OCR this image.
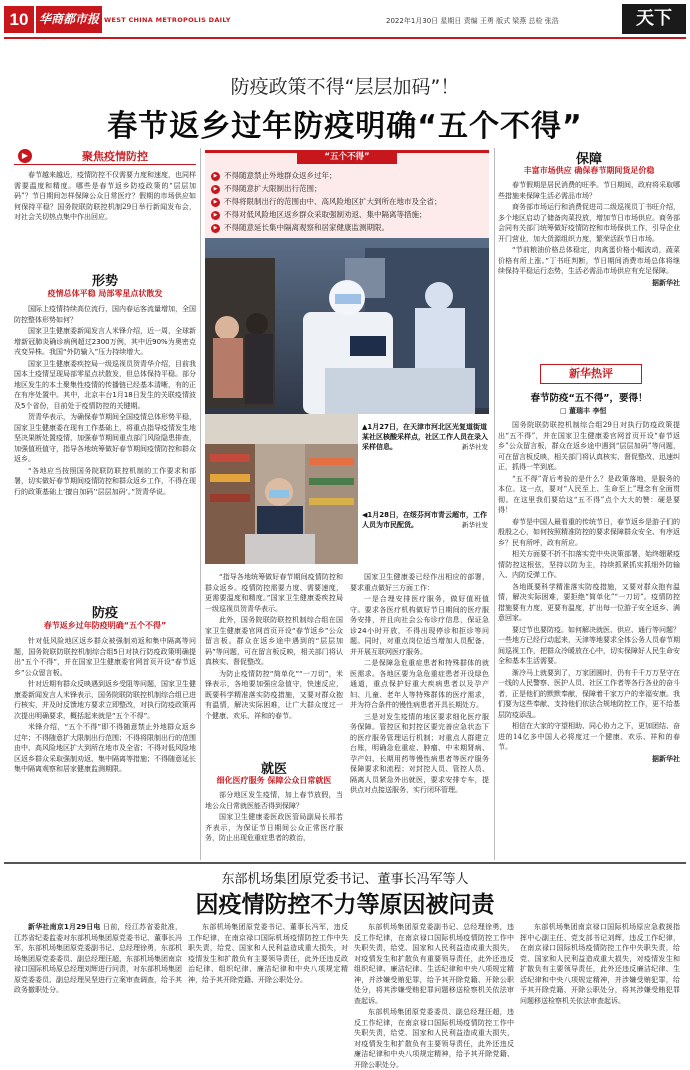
10 华商都市报 WEST CHINA METROPOLIS DAILY	2022年1月30日 星期日 责编 王勇 版式 梁燕 总检 张浩	天下
防疫政策不得“层层加码”！
春节返乡过年防疫明确“五个不得”
▶	聚焦疫情防控

春节越来越近，疫情防控不仅需要力度和速度，也同样需要温度和精度。哪些是春节返乡防疫政策的“层层加码”？节日期间怎样保障公众日常医疗？假期的市场供应如何保持平稳？国务院联防联控机制29日举行新闻发布会，对社会关切热点集中作出回应。

形势
疫情总体平稳 局部零星点状散发

国际上疫情持续高位流行，国内春运客流量增加，全国防控整体形势如何？

国家卫生健康委新闻发言人米锋介绍，近一周，全球新增新冠肺炎确诊病例超过2300万例，其中近90%为奥密克戎变异株。我国“外防输入”压力持续增大。

国家卫生健康委疾控局一级巡视员贺青华介绍，目前我国本土疫情呈现局部零星点状散发，但总体保持平稳。部分地区发生的本土聚集性疫情的传播链已经基本清晰，有的正在有序处置中。其中，北京丰台1月18日发生的关联疫情波及5个省份，目前处于疫情防控的关键期。

贺青华表示，为确保春节期间全国疫情总体形势平稳，国家卫生健康委在现有工作基础上，将重点指导疫情发生地坚决果断处置疫情，加强春节期间重点部门风险隐患排查，加强值班值守，指导各地统筹做好春节期间疫情防控和群众返乡。

“各地应当按照国务院联防联控机制的工作要求和部署，切实做好春节期间疫情防控和群众返乡工作，不得在现行的政策基础上‘擅自加码’‘层层加码’。”贺青华说。

防疫
春节返乡过年防疫明确“五个不得”

针对低风险地区返乡群众被强制劝返和集中隔离等问题，国务院联防联控机制综合组5日对执行防疫政策明确提出“五个不得”，并在国家卫生健康委官网首页开设“春节返乡”公众留言板。

针对近期有群众反映遇到返乡受阻等问题，国家卫生健康委新闻发言人米锋表示，国务院联防联控机制综合组已进行核实，并及时反馈地方要求立即整改，对执行防疫政策再次提出明确要求，概括起来就是“五个不得”。

米锋介绍，“五个不得”即不得随意禁止外地群众返乡过年；不得随意扩大限制出行范围；不得将限制出行的范围由中、高风险地区扩大到所在地市及全省；不得对低风险地区返乡群众采取强制劝返、集中隔离等措施；不得随意延长集中隔离观察和居家健康监测期限。

“五个不得”
▶ 不得随意禁止外地群众返乡过年；
▶ 不得随意扩大限制出行范围；
▶ 不得将限制出行的范围由中、高风险地区扩大到所在地市及全省；
▶ 不得对低风险地区返乡群众采取强制劝返、集中隔离等措施；
▶ 不得随意延长集中隔离观察和居家健康监测期限。
▲1月27日，在天津市河北区光复道街道某社区核酸采样点，社区工作人员在录入采样信息。	新华社发
◀1月28日，在绥芬河市青云超市，工作人员为市民配货。	新华社发

“指导各地统筹做好春节期间疫情防控和群众返乡。疫情防控需要力度、需要速度，更需要温度和精度。”国家卫生健康委疾控局一级巡视员贺青华表示。

此外，国务院联防联控机制综合组在国家卫生健康委官网首页开设“春节返乡”公众留言板。群众在返乡途中遇到的“层层加码”等问题，可在留言板反映，相关部门将认真核实、督促整改。

为防止疫情防控“简单化”“一刀切”，米锋表示，各地要加强应急值守，快速反应，既要科学精准落实防疫措施，又要对群众抱有温情，解决实际困难，让广大群众度过一个健康、欢乐、祥和的春节。

就医
细化医疗服务 保障公众日常就医

部分地区发生疫情，加上春节放假，当地公众日常就医能否得到保障？

国家卫生健康委医政医管局副局长邢若齐表示，为保证节日期间公众正常医疗服务，防止出现危重症患者的救治，

国家卫生健康委已经作出相应的部署，要求重点做好三方面工作：

一是合理安排医疗服务，做好值班值守。要求各医疗机构做好节日期间的医疗服务安排，并且向社会公布诊疗信息，保证急诊24小时开放，不得出现停诊和拒诊等问题。同时，对重点岗位适当增加人员配备，并开展互联网医疗服务。

二是保障急危重症患者和特殊群体的就医需求。各地区要为急危重症患者开设绿色通道，重点保护好重大疾病患者以及孕产妇、儿童、老年人等特殊群体的医疗需求，并为符合条件的慢性病患者开具长期处方。

三是对发生疫情的地区要求细化医疗服务保障。管控区和封控区要完善应急状态下的医疗服务管理运行机制；对重点人群建立台账，明确急危重症、肿瘤、中末期肾病、孕产妇、长期用药等慢性病患者等医疗服务保障要求和流程；对封控人员、管控人员、隔离人员紧急外出就医，要求安排专车，提供点对点接送服务，实行闭环管理。

保障
丰富市场供应 确保春节期间货足价稳

春节假期是居民消费的旺季。节日期间，政府将采取哪些措施来保障生活必需品市场？

商务部市场运行和消费促进司二级巡视员丁书旺介绍，多个地区启动了储备肉菜投放，增加节日市场供应。商务部会同有关部门统筹做好疫情防控和市场保供工作，引导企业开门营业，加大货源组织力度，繁荣活跃节日市场。

“节前粮油价格总体稳定，肉禽蛋价格小幅波动，蔬菜价格有所上涨。”丁书旺判断，节日期间消费市场总体将继续保持平稳运行态势，生活必需品市场供应有充足保障。

据新华社

新华热评
春节防疫“五不得”，要得！
□ 董瑞丰 李恒

国务院联防联控机制综合组29日对执行防疫政策提出“五不得”，并在国家卫生健康委官网首页开设“春节返乡”公众留言板，群众在返乡途中遇到“层层加码”等问题，可在留言板反映，相关部门将认真核实、督促整改、迅速纠正，抓得一竿到底。

“五不得”背后考验的是什么？是政策落地，是服务的本位。这一点，要对“人民至上、生命至上”理念有全面贯彻。在这里我们要给这“五不得”点个大大的赞：硬是要得！

春节是中国人最看重的传统节日，春节返乡是游子们的殷殷之心，如何按照精准防控的要求保障群众安全、有序返乡？民有所呼，政有所应。

相关方面要不折不扣落实党中央决策部署，始终绷紧疫情防控这根弦，坚持以防为主，持续抓紧抓实抓细外防输入、内防反弹工作。

各地既要科学精准落实防疫措施，又要对群众抱有温情，解决实际困难，要拒绝“简单化”“一刀切”。疫情防控措施要有力度，更要有温度，扩出每一位游子安全返乡、满意回家。

要过节也要防疫。如何解决就医、供应、通行等问题？一些地方已经行动起来，天津等地要求全体公务人员春节期间巡视工作，把群众冷暖放在心中，切实保障好人民生命安全和基本生活需要。

渐冷马上就要到了，万家团圆时，仍有千千万万坚守在一线的人民警察、医护人员、社区工作者等各行各业的奋斗者，正是他们的默默奉献，保障着千家万户的幸福安康。我们要为这些奉献、支持他们依法合规地防控工作，更不给基层防疫添乱。

相信在大家的守望相助、同心协力之下，更加团结、奋进的14亿多中国人必将度过一个健康、欢乐、祥和的春节。

据新华社

东部机场集团原党委书记、董事长冯军等人
因疫情防控不力等原因被问责

新华社南京1月29日电 日前，经江苏省委批准，江苏省纪委监委对东部机场集团原党委书记、董事长冯军，东部机场集团原党委副书记、总经理徐勇，东部机场集团原党委委员、副总经理汪超，东部机场集团南京禄口国际机场原总经理刘辉进行问责，对东部机场集团原党委委员、副总经理吴坚进行立案审查调查，给予其政务撤职处分。

东部机场集团原党委书记、董事长冯军，违反工作纪律，在南京禄口国际机场疫情防控工作中失职失责，给党、国家和人民利益造成重大损失，对疫情发生和扩散负有主要领导责任，此外还违反政治纪律、组织纪律、廉洁纪律和中央八项规定精神，给予其开除党籍、开除公职处分。

东部机场集团原党委副书记、总经理徐勇，违反工作纪律，在南京禄口国际机场疫情防控工作中失职失责，给党、国家和人民利益造成重大损失，对疫情发生和扩散负有重要领导责任，此外还违反组织纪律、廉洁纪律、生活纪律和中央八项规定精神，并涉嫌受贿犯罪，给予其开除党籍、开除公职处分，将其涉嫌受贿犯罪问题移送检察机关依法审查起诉。

东部机场集团原党委委员、副总经理汪超，违反工作纪律，在南京禄口国际机场疫情防控工作中失职失责，给党、国家和人民利益造成重大损失，对疫情发生和扩散负有主要领导责任，此外还违反廉洁纪律和中央八项规定精神，给予其开除党籍、开除公职处分。

东部机场集团南京禄口国际机场原应急救援指挥中心副主任、党支部书记刘辉，违反工作纪律，在南京禄口国际机场疫情防控工作中失职失责，给党、国家和人民利益造成重大损失，对疫情发生和扩散负有主要领导责任，此外还违反廉洁纪律、生活纪律和中央八项规定精神，并涉嫌受贿犯罪，给予其开除党籍、开除公职处分，将其涉嫌受贿犯罪问题移送检察机关依法审查起诉。
